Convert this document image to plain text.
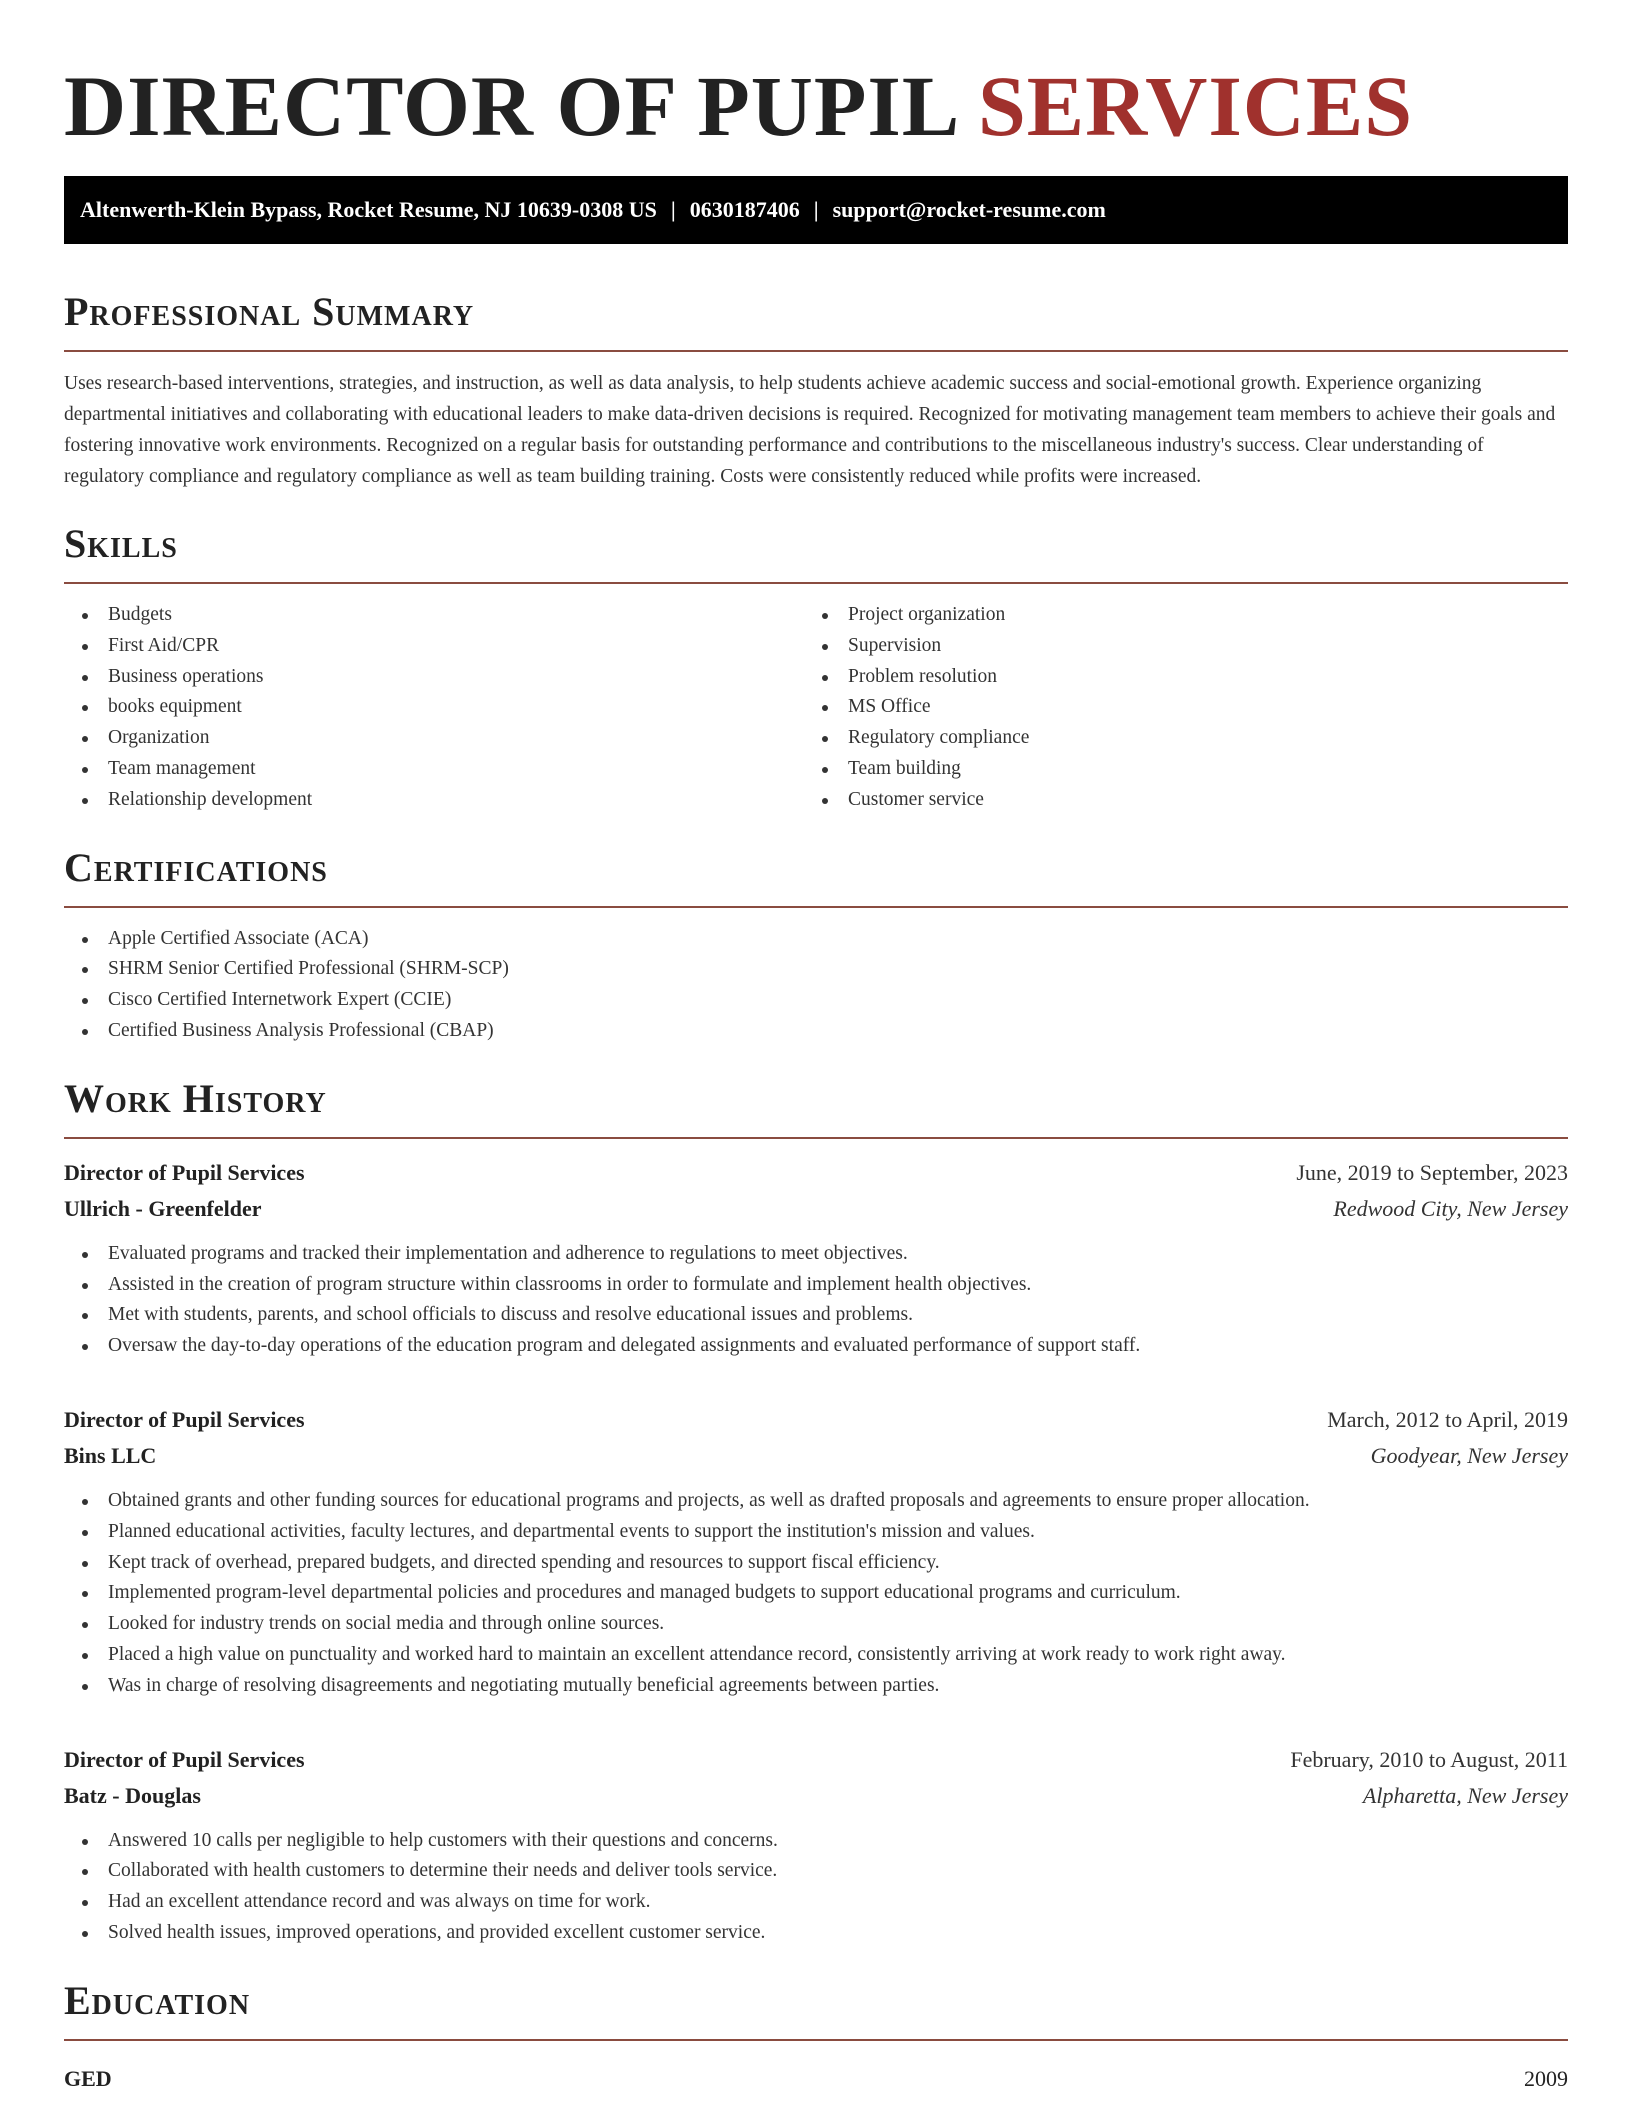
DIRECTOR OF PUPIL SERVICES
Altenwerth-Klein Bypass, Rocket Resume, NJ 10639-0308 US | 0630187406 | support@rocket-resume.com
Professional Summary

Uses research-based interventions, strategies, and instruction, as well as data analysis, to help students achieve academic success and social-emotional growth. Experience organizing departmental initiatives and collaborating with educational leaders to make data-driven decisions is required. Recognized for motivating management team members to achieve their goals and fostering innovative work environments. Recognized on a regular basis for outstanding performance and contributions to the miscellaneous industry's success. Clear understanding of regulatory compliance and regulatory compliance as well as team building training. Costs were consistently reduced while profits were increased.

Skills
Budgets
First Aid/CPR
Business operations
books equipment
Organization
Team management
Relationship development
Project organization
Supervision
Problem resolution
MS Office
Regulatory compliance
Team building
Customer service
Certifications
Apple Certified Associate (ACA)
SHRM Senior Certified Professional (SHRM-SCP)
Cisco Certified Internetwork Expert (CCIE)
Certified Business Analysis Professional (CBAP)
Work History
Director of Pupil Services	June, 2019 to September, 2023
Ullrich - Greenfelder	Redwood City, New Jersey
Evaluated programs and tracked their implementation and adherence to regulations to meet objectives.
Assisted in the creation of program structure within classrooms in order to formulate and implement health objectives.
Met with students, parents, and school officials to discuss and resolve educational issues and problems.
Oversaw the day-to-day operations of the education program and delegated assignments and evaluated performance of support staff.
Director of Pupil Services	March, 2012 to April, 2019
Bins LLC	Goodyear, New Jersey
Obtained grants and other funding sources for educational programs and projects, as well as drafted proposals and agreements to ensure proper allocation.
Planned educational activities, faculty lectures, and departmental events to support the institution's mission and values.
Kept track of overhead, prepared budgets, and directed spending and resources to support fiscal efficiency.
Implemented program-level departmental policies and procedures and managed budgets to support educational programs and curriculum.
Looked for industry trends on social media and through online sources.
Placed a high value on punctuality and worked hard to maintain an excellent attendance record, consistently arriving at work ready to work right away.
Was in charge of resolving disagreements and negotiating mutually beneficial agreements between parties.
Director of Pupil Services	February, 2010 to August, 2011
Batz - Douglas	Alpharetta, New Jersey
Answered 10 calls per negligible to help customers with their questions and concerns.
Collaborated with health customers to determine their needs and deliver tools service.
Had an excellent attendance record and was always on time for work.
Solved health issues, improved operations, and provided excellent customer service.
Education
GED	2009
